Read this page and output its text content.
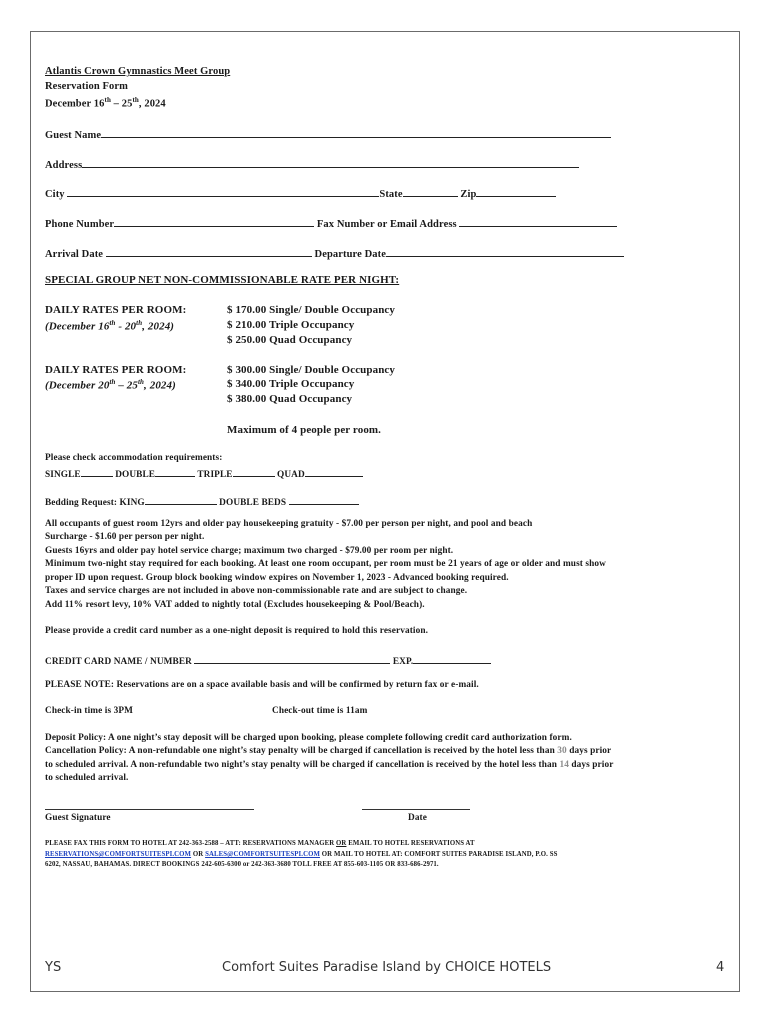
Atlantis Crown Gymnastics Meet Group
Reservation Form
December 16th – 25th, 2024
Guest Name
Address
City	State	Zip
Phone Number	Fax Number or Email Address
Arrival Date	Departure Date
SPECIAL GROUP NET NON-COMMISSIONABLE RATE PER NIGHT:
DAILY RATES PER ROOM:
(December 16th - 20th, 2024)
$ 170.00 Single/ Double Occupancy
$ 210.00 Triple Occupancy
$ 250.00 Quad Occupancy
DAILY RATES PER ROOM:
(December 20th – 25th, 2024)
$ 300.00 Single/ Double Occupancy
$ 340.00 Triple Occupancy
$ 380.00 Quad Occupancy
Maximum of 4 people per room.
Please check accommodation requirements:
SINGLE	DOUBLE	TRIPLE	QUAD
Bedding Request: KING	DOUBLE BEDS
All occupants of guest room 12yrs and older pay housekeeping gratuity - $7.00 per person per night, and pool and beach
Surcharge - $1.60 per person per night.
Guests 16yrs and older pay hotel service charge; maximum two charged - $79.00 per room per night.
Minimum two-night stay required for each booking. At least one room occupant, per room must be 21 years of age or older and must show
proper ID upon request. Group block booking window expires on November 1, 2023 - Advanced booking required.
Taxes and service charges are not included in above non-commissionable rate and are subject to change.
Add 11% resort levy, 10% VAT added to nightly total (Excludes housekeeping & Pool/Beach).
Please provide a credit card number as a one-night deposit is required to hold this reservation.
CREDIT CARD NAME / NUMBER	EXP.
PLEASE NOTE: Reservations are on a space available basis and will be confirmed by return fax or e-mail.
Check-in time is 3PM	Check-out time is 11am
Deposit Policy: A one night’s stay deposit will be charged upon booking, please complete following credit card authorization form.
Cancellation Policy: A non-refundable one night’s stay penalty will be charged if cancellation is received by the hotel less than 30 days prior
to scheduled arrival. A non-refundable two night’s stay penalty will be charged if cancellation is received by the hotel less than 14 days prior
to scheduled arrival.
Guest Signature	Date
PLEASE FAX THIS FORM TO HOTEL AT 242-363-2588 – ATT: RESERVATIONS MANAGER OR EMAIL TO HOTEL RESERVATIONS AT
RESERVATIONS@COMFORTSUITESPI.COM OR SALES@COMFORTSUITESPI.COM OR MAIL TO HOTEL AT: COMFORT SUITES PARADISE ISLAND, P.O. SS
6202, NASSAU, BAHAMAS. DIRECT BOOKINGS 242-605-6300 or 242-363-3680 TOLL FREE AT 855-603-1105 OR 833-686-2971.
YS	Comfort Suites Paradise Island by CHOICE HOTELS	4
